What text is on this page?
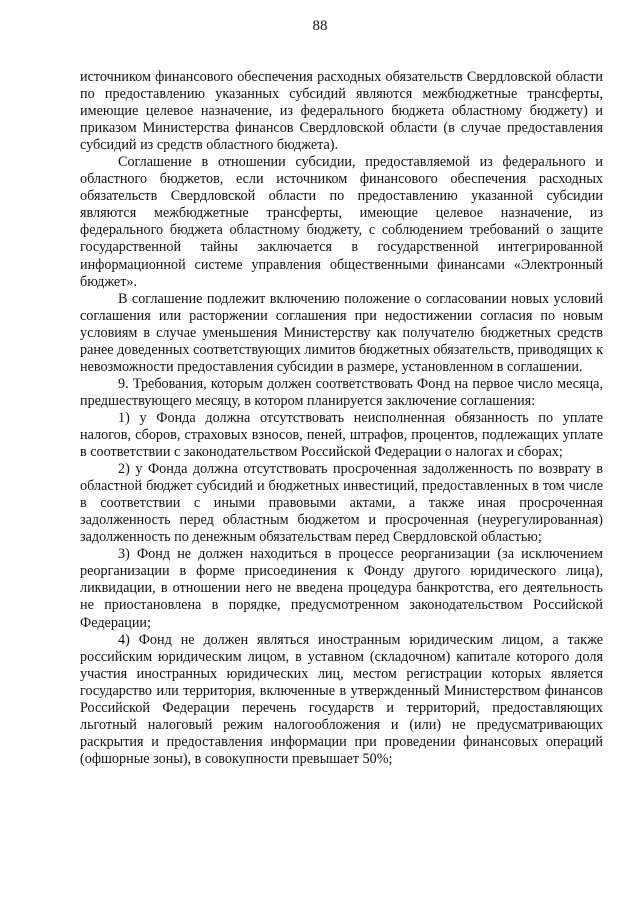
88

источником финансового обеспечения расходных обязательств Свердловской области по предоставлению указанных субсидий являются межбюджетные трансферты, имеющие целевое назначение, из федерального бюджета областному бюджету) и приказом Министерства финансов Свердловской области (в случае предоставления субсидий из средств областного бюджета).

Соглашение в отношении субсидии, предоставляемой из федерального и областного бюджетов, если источником финансового обеспечения расходных обязательств Свердловской области по предоставлению указанной субсидии являются межбюджетные трансферты, имеющие целевое назначение, из федерального бюджета областному бюджету, с соблюдением требований о защите государственной тайны заключается в государственной интегрированной информационной системе управления общественными финансами «Электронный бюджет».

В соглашение подлежит включению положение о согласовании новых условий соглашения или расторжении соглашения при недостижении согласия по новым условиям в случае уменьшения Министерству как получателю бюджетных средств ранее доведенных соответствующих лимитов бюджетных обязательств, приводящих к невозможности предоставления субсидии в размере, установленном в соглашении.

9. Требования, которым должен соответствовать Фонд на первое число месяца, предшествующего месяцу, в котором планируется заключение соглашения:

1) у Фонда должна отсутствовать неисполненная обязанность по уплате налогов, сборов, страховых взносов, пеней, штрафов, процентов, подлежащих уплате в соответствии с законодательством Российской Федерации о налогах и сборах;

2) у Фонда должна отсутствовать просроченная задолженность по возврату в областной бюджет субсидий и бюджетных инвестиций, предоставленных в том числе в соответствии с иными правовыми актами, а также иная просроченная задолженность перед областным бюджетом и просроченная (неурегулированная) задолженность по денежным обязательствам перед Свердловской областью;

3) Фонд не должен находиться в процессе реорганизации (за исключением реорганизации в форме присоединения к Фонду другого юридического лица), ликвидации, в отношении него не введена процедура банкротства, его деятельность не приостановлена в порядке, предусмотренном законодательством Российской Федерации;

4) Фонд не должен являться иностранным юридическим лицом, а также российским юридическим лицом, в уставном (складочном) капитале которого доля участия иностранных юридических лиц, местом регистрации которых является государство или территория, включенные в утвержденный Министерством финансов Российской Федерации перечень государств и территорий, предоставляющих льготный налоговый режим налогообложения и (или) не предусматривающих раскрытия и предоставления информации при проведении финансовых операций (офшорные зоны), в совокупности превышает 50%;
